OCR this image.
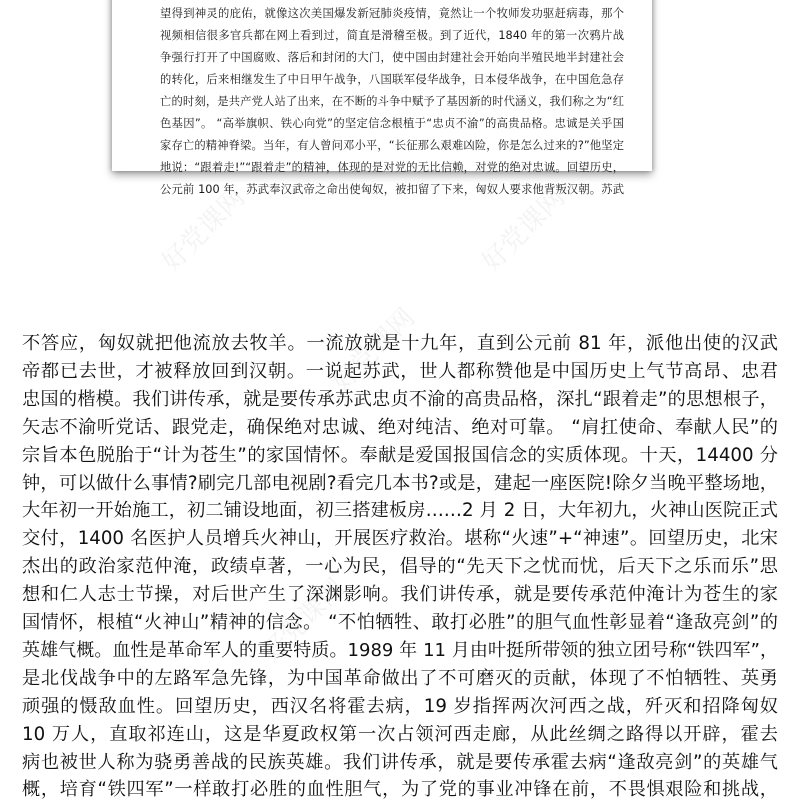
望得到神灵的庇佑，就像这次美国爆发新冠肺炎疫情，竟然让一个牧师发功驱赶病毒，那个
视频相信很多官兵都在网上看到过，简直是滑稽至极。到了近代，1840 年的第一次鸦片战
争强行打开了中国腐败、落后和封闭的大门，使中国由封建社会开始向半殖民地半封建社会
的转化，后来相继发生了中日甲午战争，八国联军侵华战争，日本侵华战争，在中国危急存
亡的时刻，是共产党人站了出来，在不断的斗争中赋予了基因新的时代涵义，我们称之为“红
色基因”。 “高举旗帜、铁心向党”的坚定信念根植于“忠贞不渝”的高贵品格。忠诚是关乎国
家存亡的精神脊梁。当年，有人曾问邓小平，“长征那么艰难凶险，你是怎么过来的?”他坚定
地说：“跟着走!”“跟着走”的精神，体现的是对党的无比信赖，对党的绝对忠诚。回望历史，
公元前 100 年，苏武奉汉武帝之命出使匈奴，被扣留了下来，匈奴人要求他背叛汉朝。苏武
不答应，匈奴就把他流放去牧羊。一流放就是十九年，直到公元前 81 年，派他出使的汉武
帝都已去世，才被释放回到汉朝。一说起苏武，世人都称赞他是中国历史上气节高昂、忠君
忠国的楷模。我们讲传承，就是要传承苏武忠贞不渝的高贵品格，深扎“跟着走”的思想根子，
矢志不渝听党话、跟党走，确保绝对忠诚、绝对纯洁、绝对可靠。 “肩扛使命、奉献人民”的
宗旨本色脱胎于“计为苍生”的家国情怀。奉献是爱国报国信念的实质体现。十天，14400 分
钟，可以做什么事情?刷完几部电视剧?看完几本书?或是，建起一座医院!除夕当晚平整场地，
大年初一开始施工，初二铺设地面，初三搭建板房……2 月 2 日，大年初九，火神山医院正式
交付，1400 名医护人员增兵火神山，开展医疗救治。堪称“火速”+“神速”。回望历史，北宋
杰出的政治家范仲淹，政绩卓著，一心为民，倡导的“先天下之忧而忧，后天下之乐而乐”思
想和仁人志士节操，对后世产生了深渊影响。我们讲传承，就是要传承范仲淹计为苍生的家
国情怀，根植“火神山”精神的信念。 “不怕牺牲、敢打必胜”的胆气血性彰显着“逢敌亮剑”的
英雄气概。血性是革命军人的重要特质。1989 年 11 月由叶挺所带领的独立团号称“铁四军”，
是北伐战争中的左路军急先锋，为中国革命做出了不可磨灭的贡献，体现了不怕牺牲、英勇
顽强的慑敌血性。回望历史，西汉名将霍去病，19 岁指挥两次河西之战，歼灭和招降匈奴
10 万人，直取祁连山，这是华夏政权第一次占领河西走廊，从此丝绸之路得以开辟，霍去
病也被世人称为骁勇善战的民族英雄。我们讲传承，就是要传承霍去病“逢敌亮剑”的英雄气
概，培育“铁四军”一样敢打必胜的血性胆气，为了党的事业冲锋在前，不畏惧艰险和挑战，
好党课网	好党课网
好党课网
好党课网
